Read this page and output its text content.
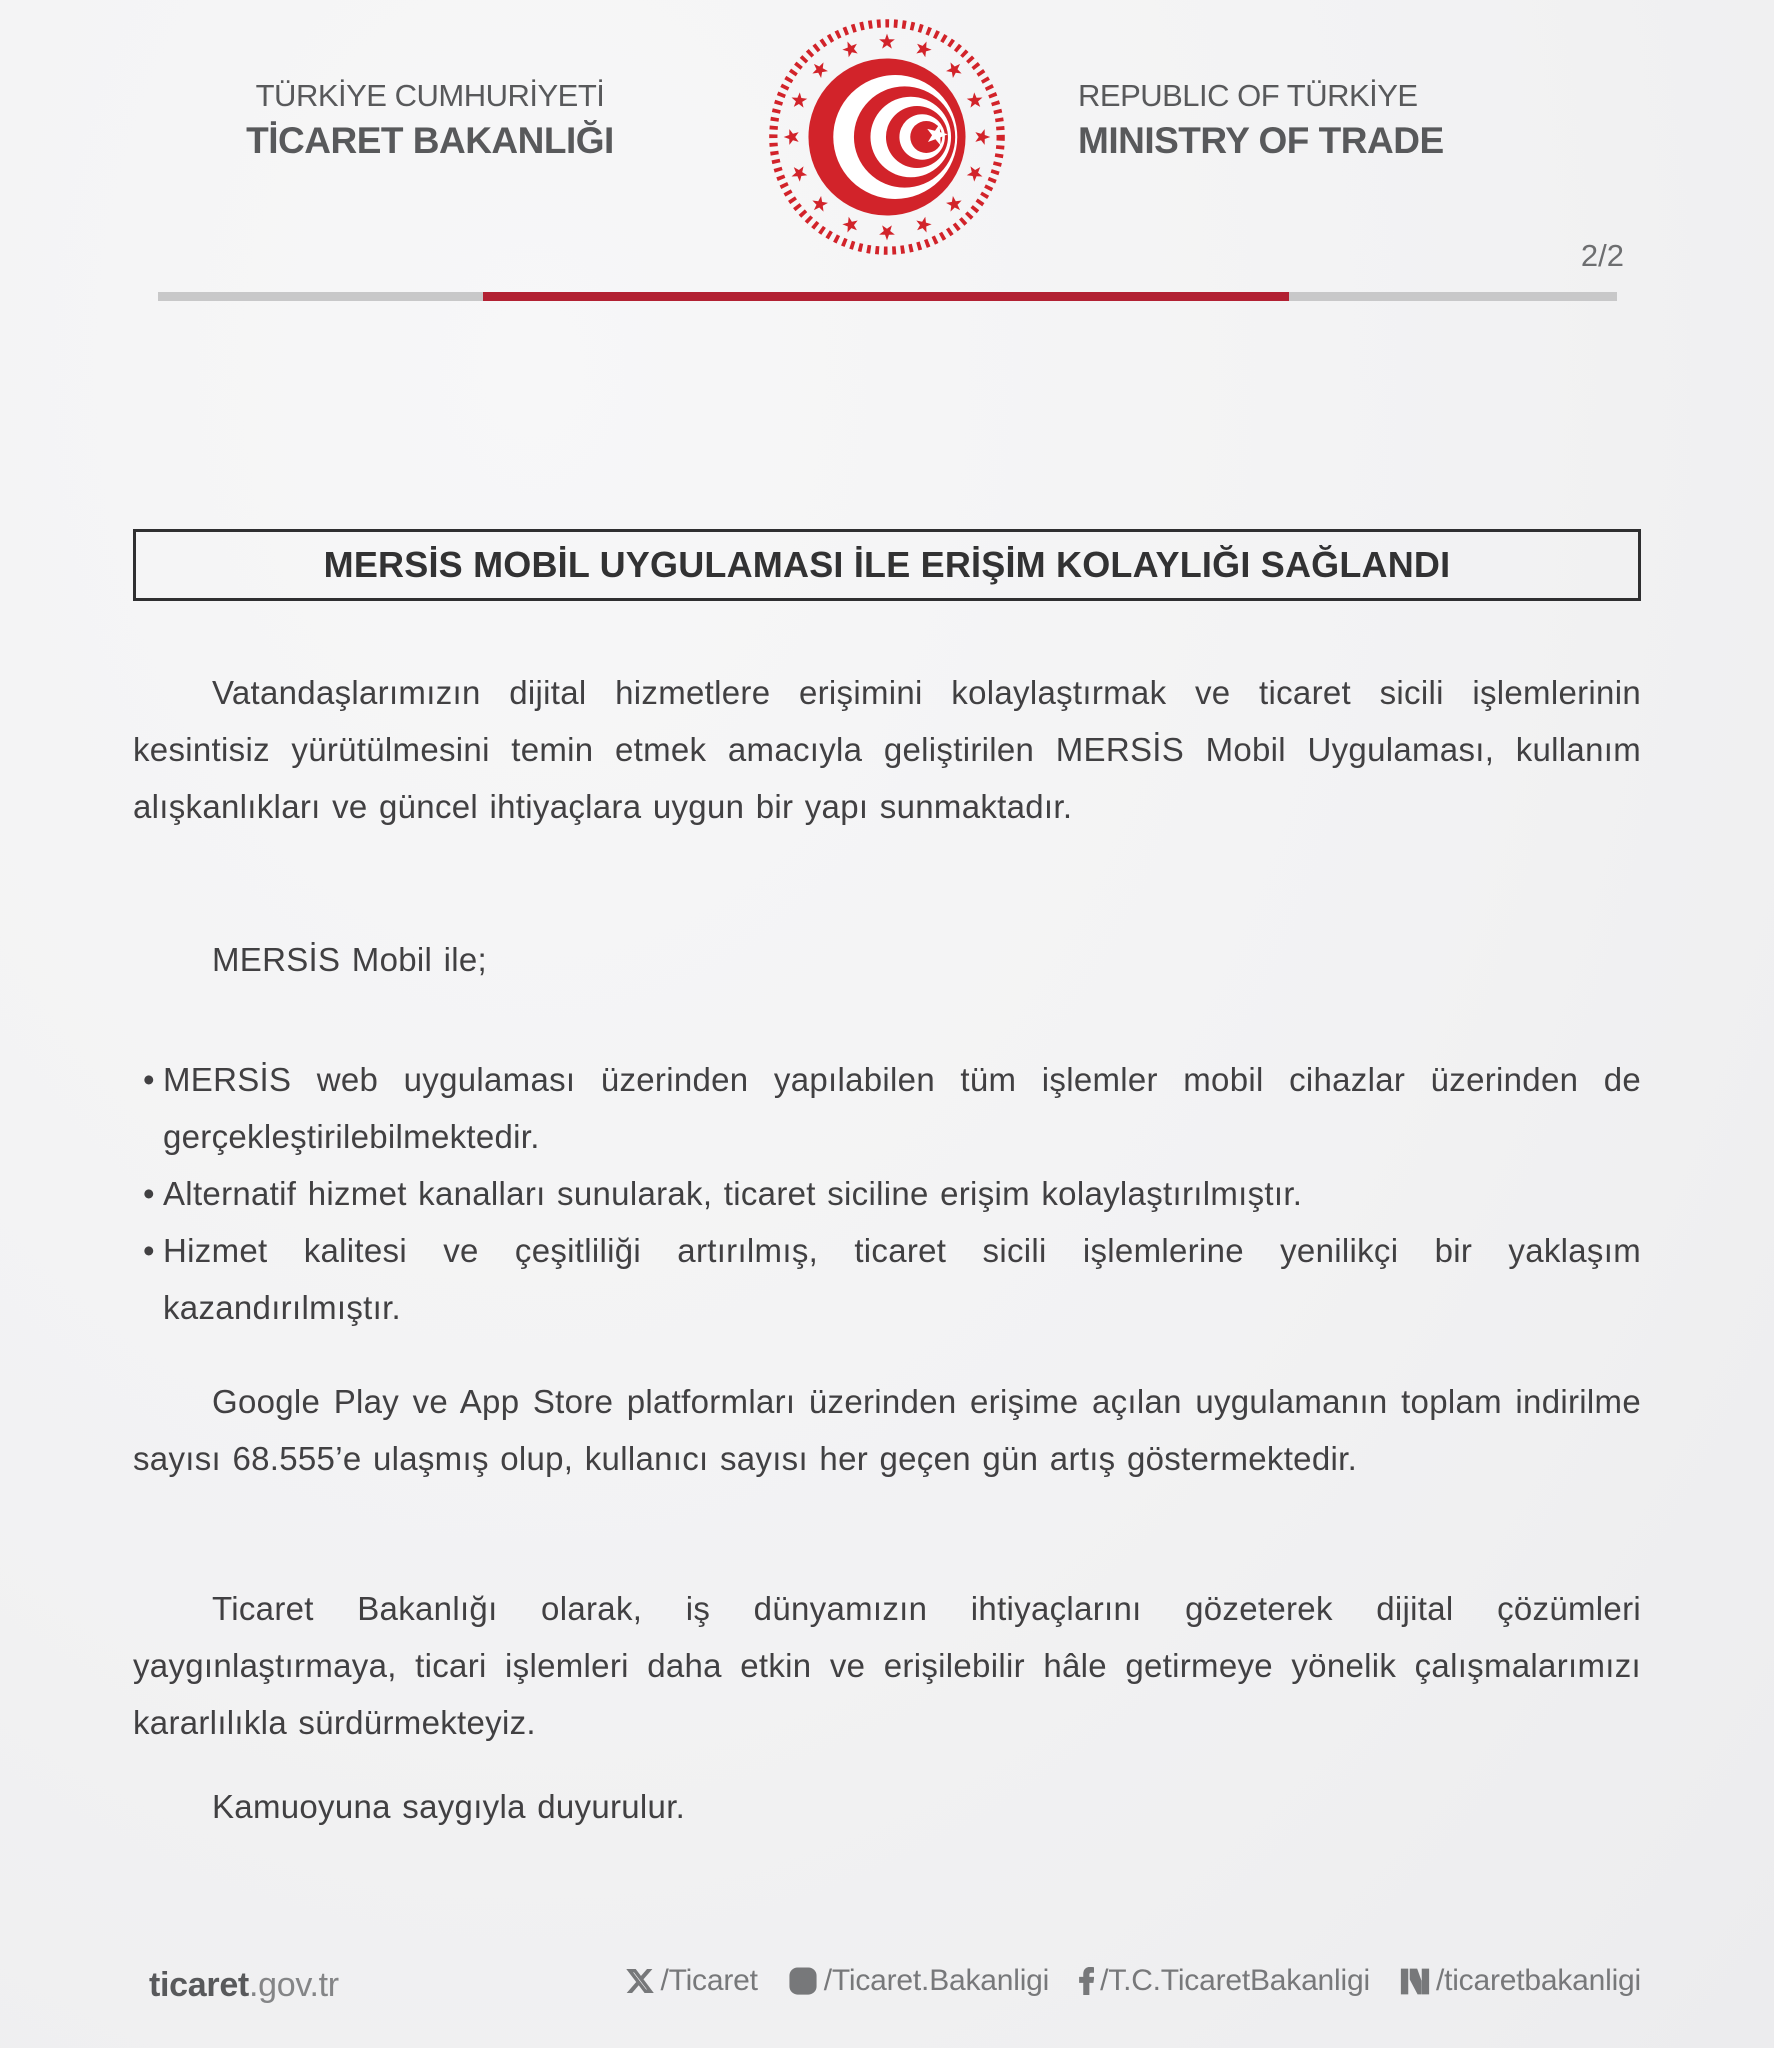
TÜRKİYE CUMHURİYETİ
TİCARET BAKANLIĞI
REPUBLIC OF TÜRKİYE
MINISTRY OF TRADE
2/2
MERSİS MOBİL UYGULAMASI İLE ERİŞİM KOLAYLIĞI SAĞLANDI

Vatandaşlarımızın dijital hizmetlere erişimini kolaylaştırmak ve ticaret sicili işlemlerinin kesintisiz yürütülmesini temin etmek amacıyla geliştirilen MERSİS Mobil Uygulaması, kullanım alışkanlıkları ve güncel ihtiyaçlara uygun bir yapı sunmaktadır.

MERSİS Mobil ile;

• MERSİS web uygulaması üzerinden yapılabilen tüm işlemler mobil cihazlar üzerinden de gerçekleştirilebilmektedir.
• Alternatif hizmet kanalları sunularak, ticaret siciline erişim kolaylaştırılmıştır.
• Hizmet kalitesi ve çeşitliliği artırılmış, ticaret sicili işlemlerine yenilikçi bir yaklaşım kazandırılmıştır.

Google Play ve App Store platformları üzerinden erişime açılan uygulamanın toplam indirilme sayısı 68.555’e ulaşmış olup, kullanıcı sayısı her geçen gün artış göstermektedir.

Ticaret Bakanlığı olarak, iş dünyamızın ihtiyaçlarını gözeterek dijital çözümleri yaygınlaştırmaya, ticari işlemleri daha etkin ve erişilebilir hâle getirmeye yönelik çalışmalarımızı kararlılıkla sürdürmekteyiz.

Kamuoyuna saygıyla duyurulur.

ticaret.gov.tr	/Ticaret /Ticaret.Bakanligi /T.C.TicaretBakanligi /ticaretbakanligi
